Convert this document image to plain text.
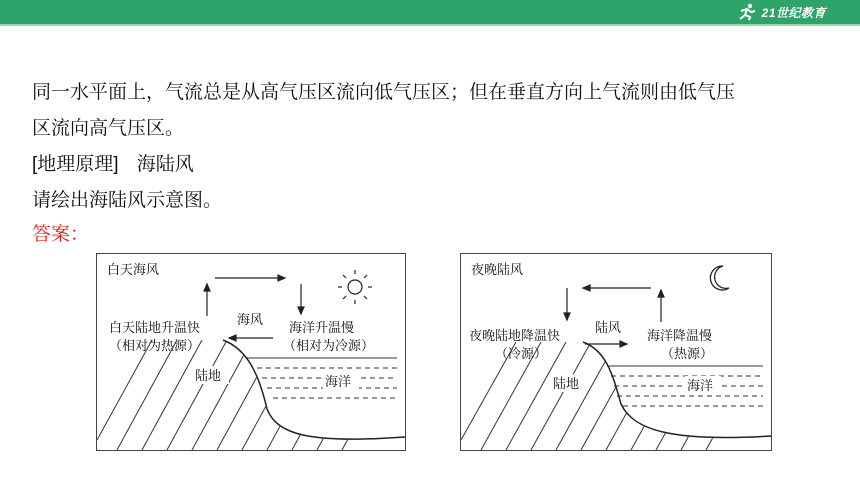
21世纪教育
同一水平面上，气流总是从高气压区流向低气压区；但在垂直方向上气流则由低气压
区流向高气压区。
[地理原理] 海陆风
请绘出海陆风示意图。
答案：
白天海风
白天陆地升温快
（相对为热源）
海风
海洋升温慢
（相对为冷源）
陆地	海洋
夜晚陆风
夜晚陆地降温快
（冷源）
陆风
海洋降温慢
（热源）
陆地	海洋
